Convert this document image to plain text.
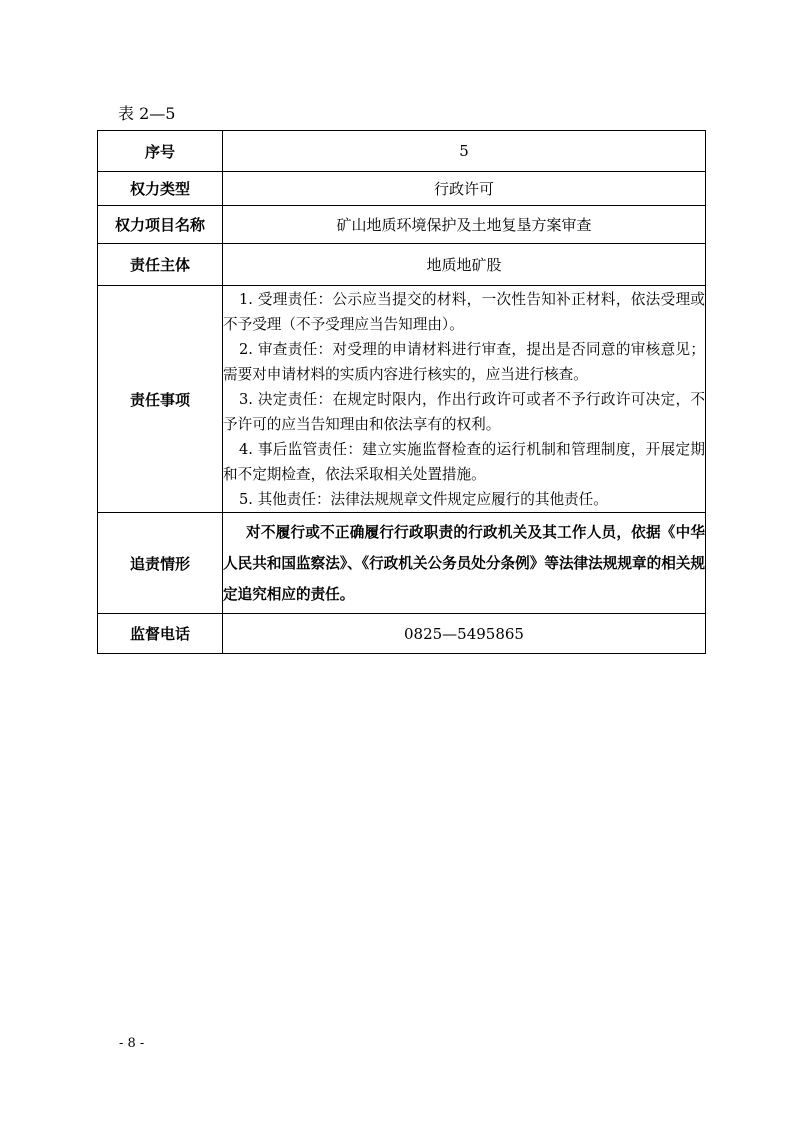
表 2—5
序号	5
权力类型	行政许可
权力项目名称	矿山地质环境保护及土地复垦方案审查
责任主体	地质地矿股
责任事项	1. 受理责任：公示应当提交的材料，一次性告知补正材料，依法受理或不予受理（不予受理应当告知理由）。

2. 审查责任：对受理的申请材料进行审查，提出是否同意的审核意见；需要对申请材料的实质内容进行核实的，应当进行核查。

3. 决定责任：在规定时限内，作出行政许可或者不予行政许可决定，不予许可的应当告知理由和依法享有的权利。

4. 事后监管责任：建立实施监督检查的运行机制和管理制度，开展定期和不定期检查，依法采取相关处置措施。

5. 其他责任：法律法规规章文件规定应履行的其他责任。

追责情形	对不履行或不正确履行行政职责的行政机关及其工作人员，依据《中华人民共和国监察法》、《行政机关公务员处分条例》等法律法规规章的相关规定追究相应的责任。

监督电话	0825—5495865
- 8 -
